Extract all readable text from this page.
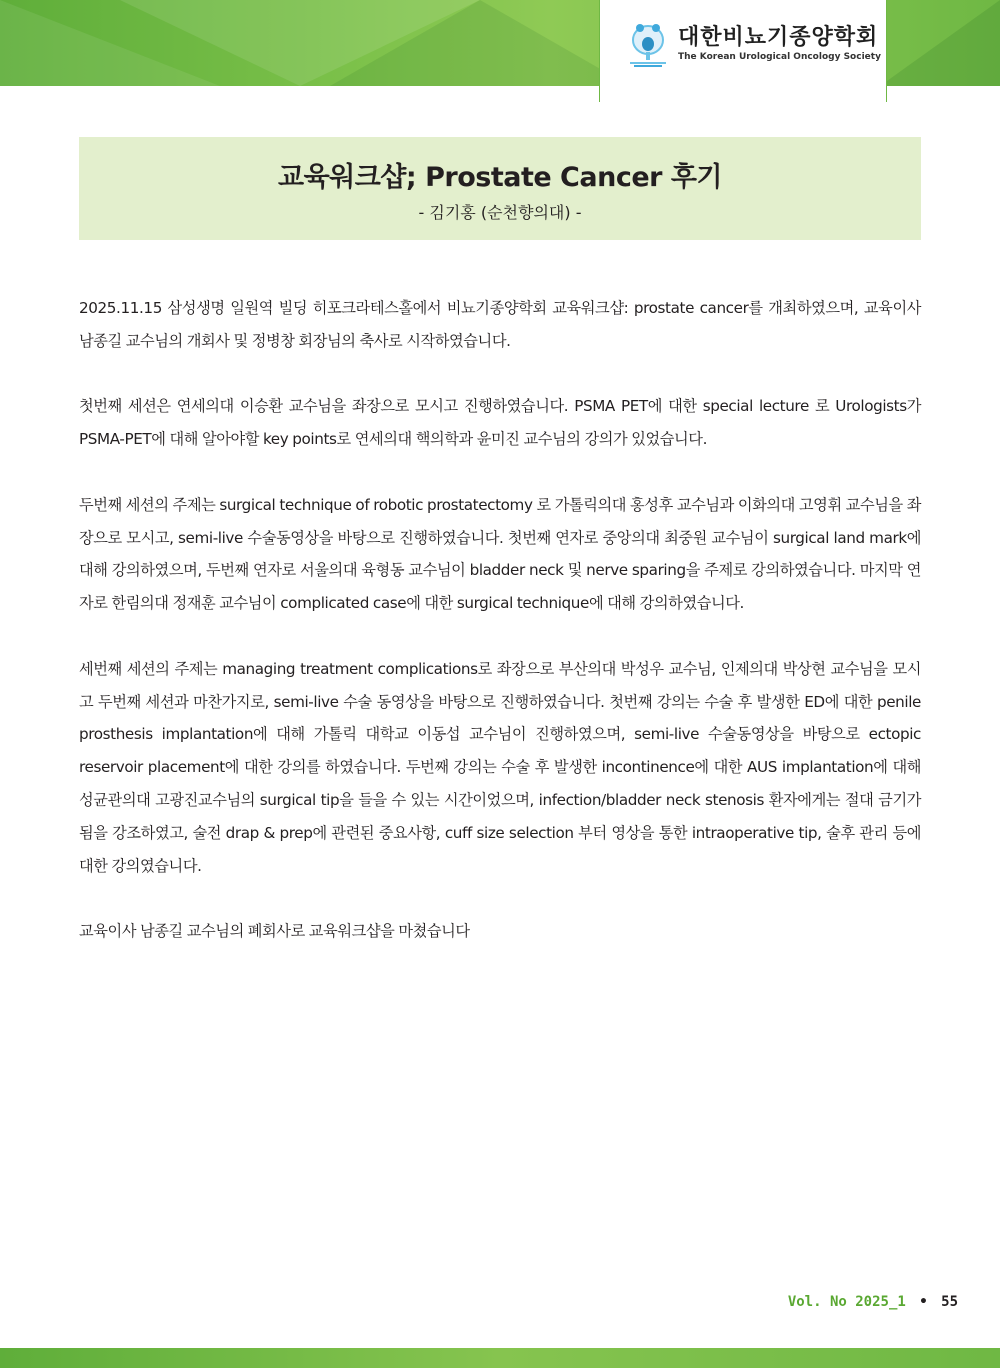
대한비뇨기종양학회
The Korean Urological Oncology Society
교육워크샵; Prostate Cancer 후기
- 김기홍 (순천향의대) -

2025.11.15 삼성생명 일원역 빌딩 히포크라테스홀에서 비뇨기종양학회 교육워크샵: prostate cancer를 개최하였으며, 교육이사 남종길 교수님의 개회사 및 정병창 회장님의 축사로 시작하였습니다.

첫번째 세션은 연세의대 이승환 교수님을 좌장으로 모시고 진행하였습니다. PSMA PET에 대한 special lecture 로 Urologists가 PSMA-PET에 대해 알아야할 key points로 연세의대 핵의학과 윤미진 교수님의 강의가 있었습니다.

두번째 세션의 주제는 surgical technique of robotic prostatectomy 로 가톨릭의대 홍성후 교수님과 이화의대 고영휘 교수님을 좌장으로 모시고, semi-live 수술동영상을 바탕으로 진행하였습니다. 첫번째 연자로 중앙의대 최중원 교수님이 surgical land mark에 대해 강의하였으며, 두번째 연자로 서울의대 육형동 교수님이 bladder neck 및 nerve sparing을 주제로 강의하였습니다. 마지막 연자로 한림의대 정재훈 교수님이 complicated case에 대한 surgical technique에 대해 강의하였습니다.

세번째 세션의 주제는 managing treatment complications로 좌장으로 부산의대 박성우 교수님, 인제의대 박상현 교수님을 모시고 두번째 세션과 마찬가지로, semi-live 수술 동영상을 바탕으로 진행하였습니다. 첫번째 강의는 수술 후 발생한 ED에 대한 penile prosthesis implantation에 대해 가톨릭 대학교 이동섭 교수님이 진행하였으며, semi-live 수술동영상을 바탕으로 ectopic reservoir placement에 대한 강의를 하였습니다. 두번째 강의는 수술 후 발생한 incontinence에 대한 AUS implantation에 대해 성균관의대 고광진교수님의 surgical tip을 들을 수 있는 시간이었으며, infection/bladder neck stenosis 환자에게는 절대 금기가 됨을 강조하였고, 술전 drap & prep에 관련된 중요사항, cuff size selection 부터 영상을 통한 intraoperative tip, 술후 관리 등에 대한 강의였습니다.

교육이사 남종길 교수님의 폐회사로 교육워크샵을 마쳤습니다

Vol. No 2025_1 • 55
